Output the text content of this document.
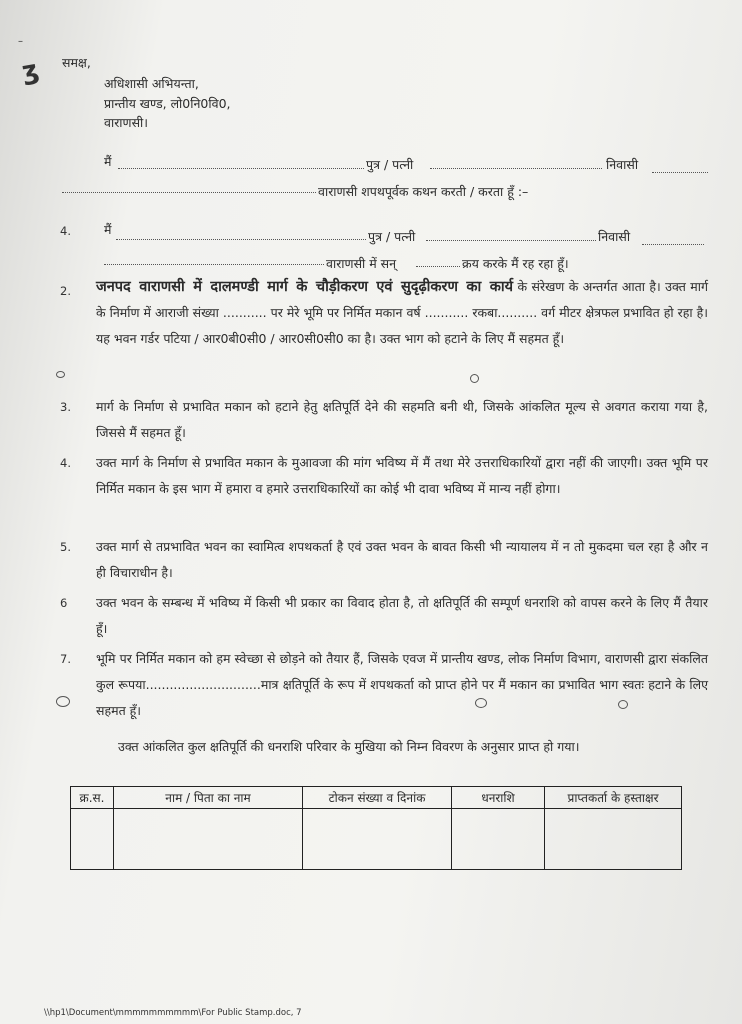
ʒ
–
समक्ष,
अधिशासी अभियन्ता,
प्रान्तीय खण्ड, लो0नि0वि0,
वाराणसी।
मैं	पुत्र / पत्नी	निवासी
वाराणसी शपथपूर्वक कथन करती / करता हूँ :–
4.	मैं	पुत्र / पत्नी	निवासी
वाराणसी में सन्	क्रय करके मैं रह रहा हूँ।
2. जनपद वाराणसी में दालमण्डी मार्ग के चौड़ीकरण एवं सुदृढ़ीकरण का कार्य के संरेखण के अन्तर्गत आता है। उक्त मार्ग के निर्माण में आराजी संख्या ........... पर मेरे भूमि पर निर्मित मकान वर्ष ........... रकबा.......... वर्ग मीटर क्षेत्रफल प्रभावित हो रहा है। यह भवन गर्डर पटिया / आर0बी0सी0 / आर0सी0सी0 का है। उक्त भाग को हटाने के लिए मैं सहमत हूँ।
3. मार्ग के निर्माण से प्रभावित मकान को हटाने हेतु क्षतिपूर्ति देने की सहमति बनी थी, जिसके आंकलित मूल्य से अवगत कराया गया है, जिससे मैं सहमत हूँ।
4. उक्त मार्ग के निर्माण से प्रभावित मकान के मुआवजा की मांग भविष्य में मैं तथा मेरे उत्तराधिकारियों द्वारा नहीं की जाएगी। उक्त भूमि पर निर्मित मकान के इस भाग में हमारा व हमारे उत्तराधिकारियों का कोई भी दावा भविष्य में मान्य नहीं होगा।
5. उक्त मार्ग से तप्रभावित भवन का स्वामित्व शपथकर्ता है एवं उक्त भवन के बावत किसी भी न्यायालय में न तो मुकदमा चल रहा है और न ही विचाराधीन है।
6 उक्त भवन के सम्बन्ध में भविष्य में किसी भी प्रकार का विवाद होता है, तो क्षतिपूर्ति की सम्पूर्ण धनराशि को वापस करने के लिए मैं तैयार हूँ।
7. भूमि पर निर्मित मकान को हम स्वेच्छा से छोड़ने को तैयार हैं, जिसके एवज में प्रान्तीय खण्ड, लोक निर्माण विभाग, वाराणसी द्वारा संकलित कुल रूपया.............................मात्र क्षतिपूर्ति के रूप में शपथकर्ता को प्राप्त होने पर मैं मकान का प्रभावित भाग स्वतः हटाने के लिए सहमत हूँ।
उक्त आंकलित कुल क्षतिपूर्ति की धनराशि परिवार के मुखिया को निम्न विवरण के अनुसार प्राप्त हो गया।
क्र.स.	नाम / पिता का नाम	टोकन संख्या व दिनांक	धनराशि	प्राप्तकर्ता के हस्ताक्षर

\\hp1\Document\mmmmmmmmmm\For Public Stamp.doc, 7
